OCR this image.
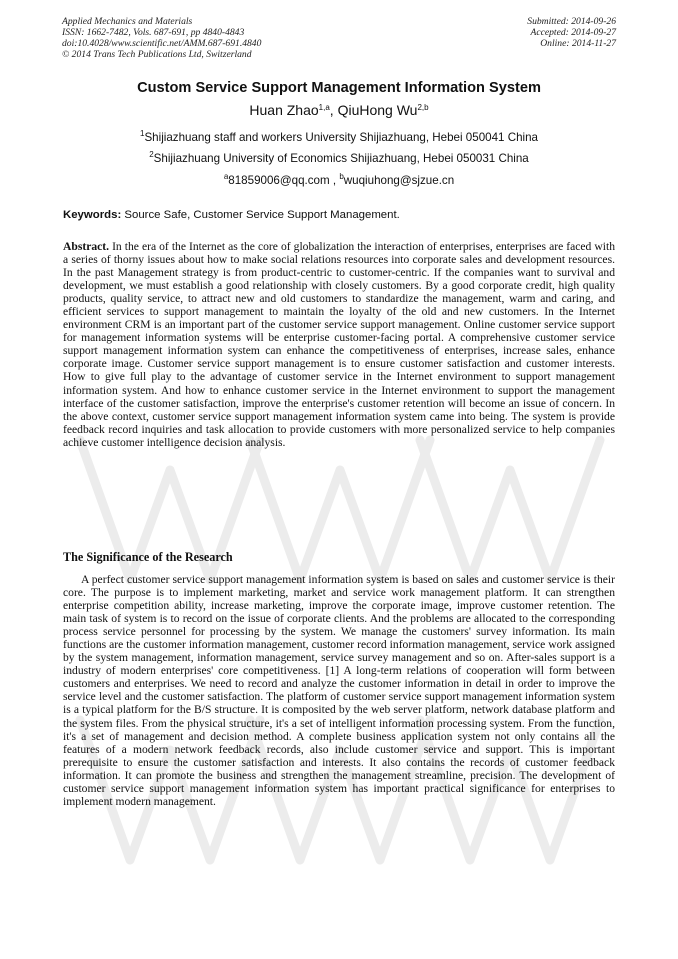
Applied Mechanics and Materials
ISSN: 1662-7482, Vols. 687-691, pp 4840-4843
doi:10.4028/www.scientific.net/AMM.687-691.4840
© 2014 Trans Tech Publications Ltd, Switzerland
Submitted: 2014-09-26
Accepted: 2014-09-27
Online: 2014-11-27
Custom Service Support Management Information System
Huan Zhao$^{1,a}$, QiuHong Wu$^{2,b}$
$^1$Shijiazhuang staff and workers University Shijiazhuang, Hebei 050041 China
$^2$Shijiazhuang University of Economics Shijiazhuang, Hebei 050031 China
$^a$81859006@qq.com , $^b$wuqiuhong@sjzue.cn
Keywords: Source Safe, Customer Service Support Management.
Abstract. In the era of the Internet as the core of globalization the interaction of enterprises, enterprises are faced with a series of thorny issues about how to make social relations resources into corporate sales and development resources. In the past Management strategy is from product-centric to customer-centric. If the companies want to survival and development, we must establish a good relationship with closely customers. By a good corporate credit, high quality products, quality service, to attract new and old customers to standardize the management, warm and caring, and efficient services to support management to maintain the loyalty of the old and new customers. In the Internet environment CRM is an important part of the customer service support management. Online customer service support for management information systems will be enterprise customer-facing portal. A comprehensive customer service support management information system can enhance the competitiveness of enterprises, increase sales, enhance corporate image. Customer service support management is to ensure customer satisfaction and customer interests. How to give full play to the advantage of customer service in the Internet environment to support management information system. And how to enhance customer service in the Internet environment to support the management interface of the customer satisfaction, improve the enterprise's customer retention will become an issue of concern. In the above context, customer service support management information system came into being. The system is provide feedback record inquiries and task allocation to provide customers with more personalized service to help companies achieve customer intelligence decision analysis.
The Significance of the Research
A perfect customer service support management information system is based on sales and customer service is their core. The purpose is to implement marketing, market and service work management platform. It can strengthen enterprise competition ability, increase marketing, improve the corporate image, improve customer retention. The main task of system is to record on the issue of corporate clients. And the problems are allocated to the corresponding process service personnel for processing by the system. We manage the customers' survey information. Its main functions are the customer information management, customer record information management, service work assigned by the system management, information management, service survey management and so on. After-sales support is a industry of modern enterprises' core competitiveness. [1] A long-term relations of cooperation will form between customers and enterprises. We need to record and analyze the customer information in detail in order to improve the service level and the customer satisfaction. The platform of customer service support management information system is a typical platform for the B/S structure. It is composited by the web server platform, network database platform and the system files. From the physical structure, it's a set of intelligent information processing system. From the function, it's a set of management and decision method. A complete business application system not only contains all the features of a modern network feedback records, also include customer service and support. This is important prerequisite to ensure the customer satisfaction and interests. It also contains the records of customer feedback information. It can promote the business and strengthen the management streamline, precision. The development of customer service support management information system has important practical significance for enterprises to implement modern management.
